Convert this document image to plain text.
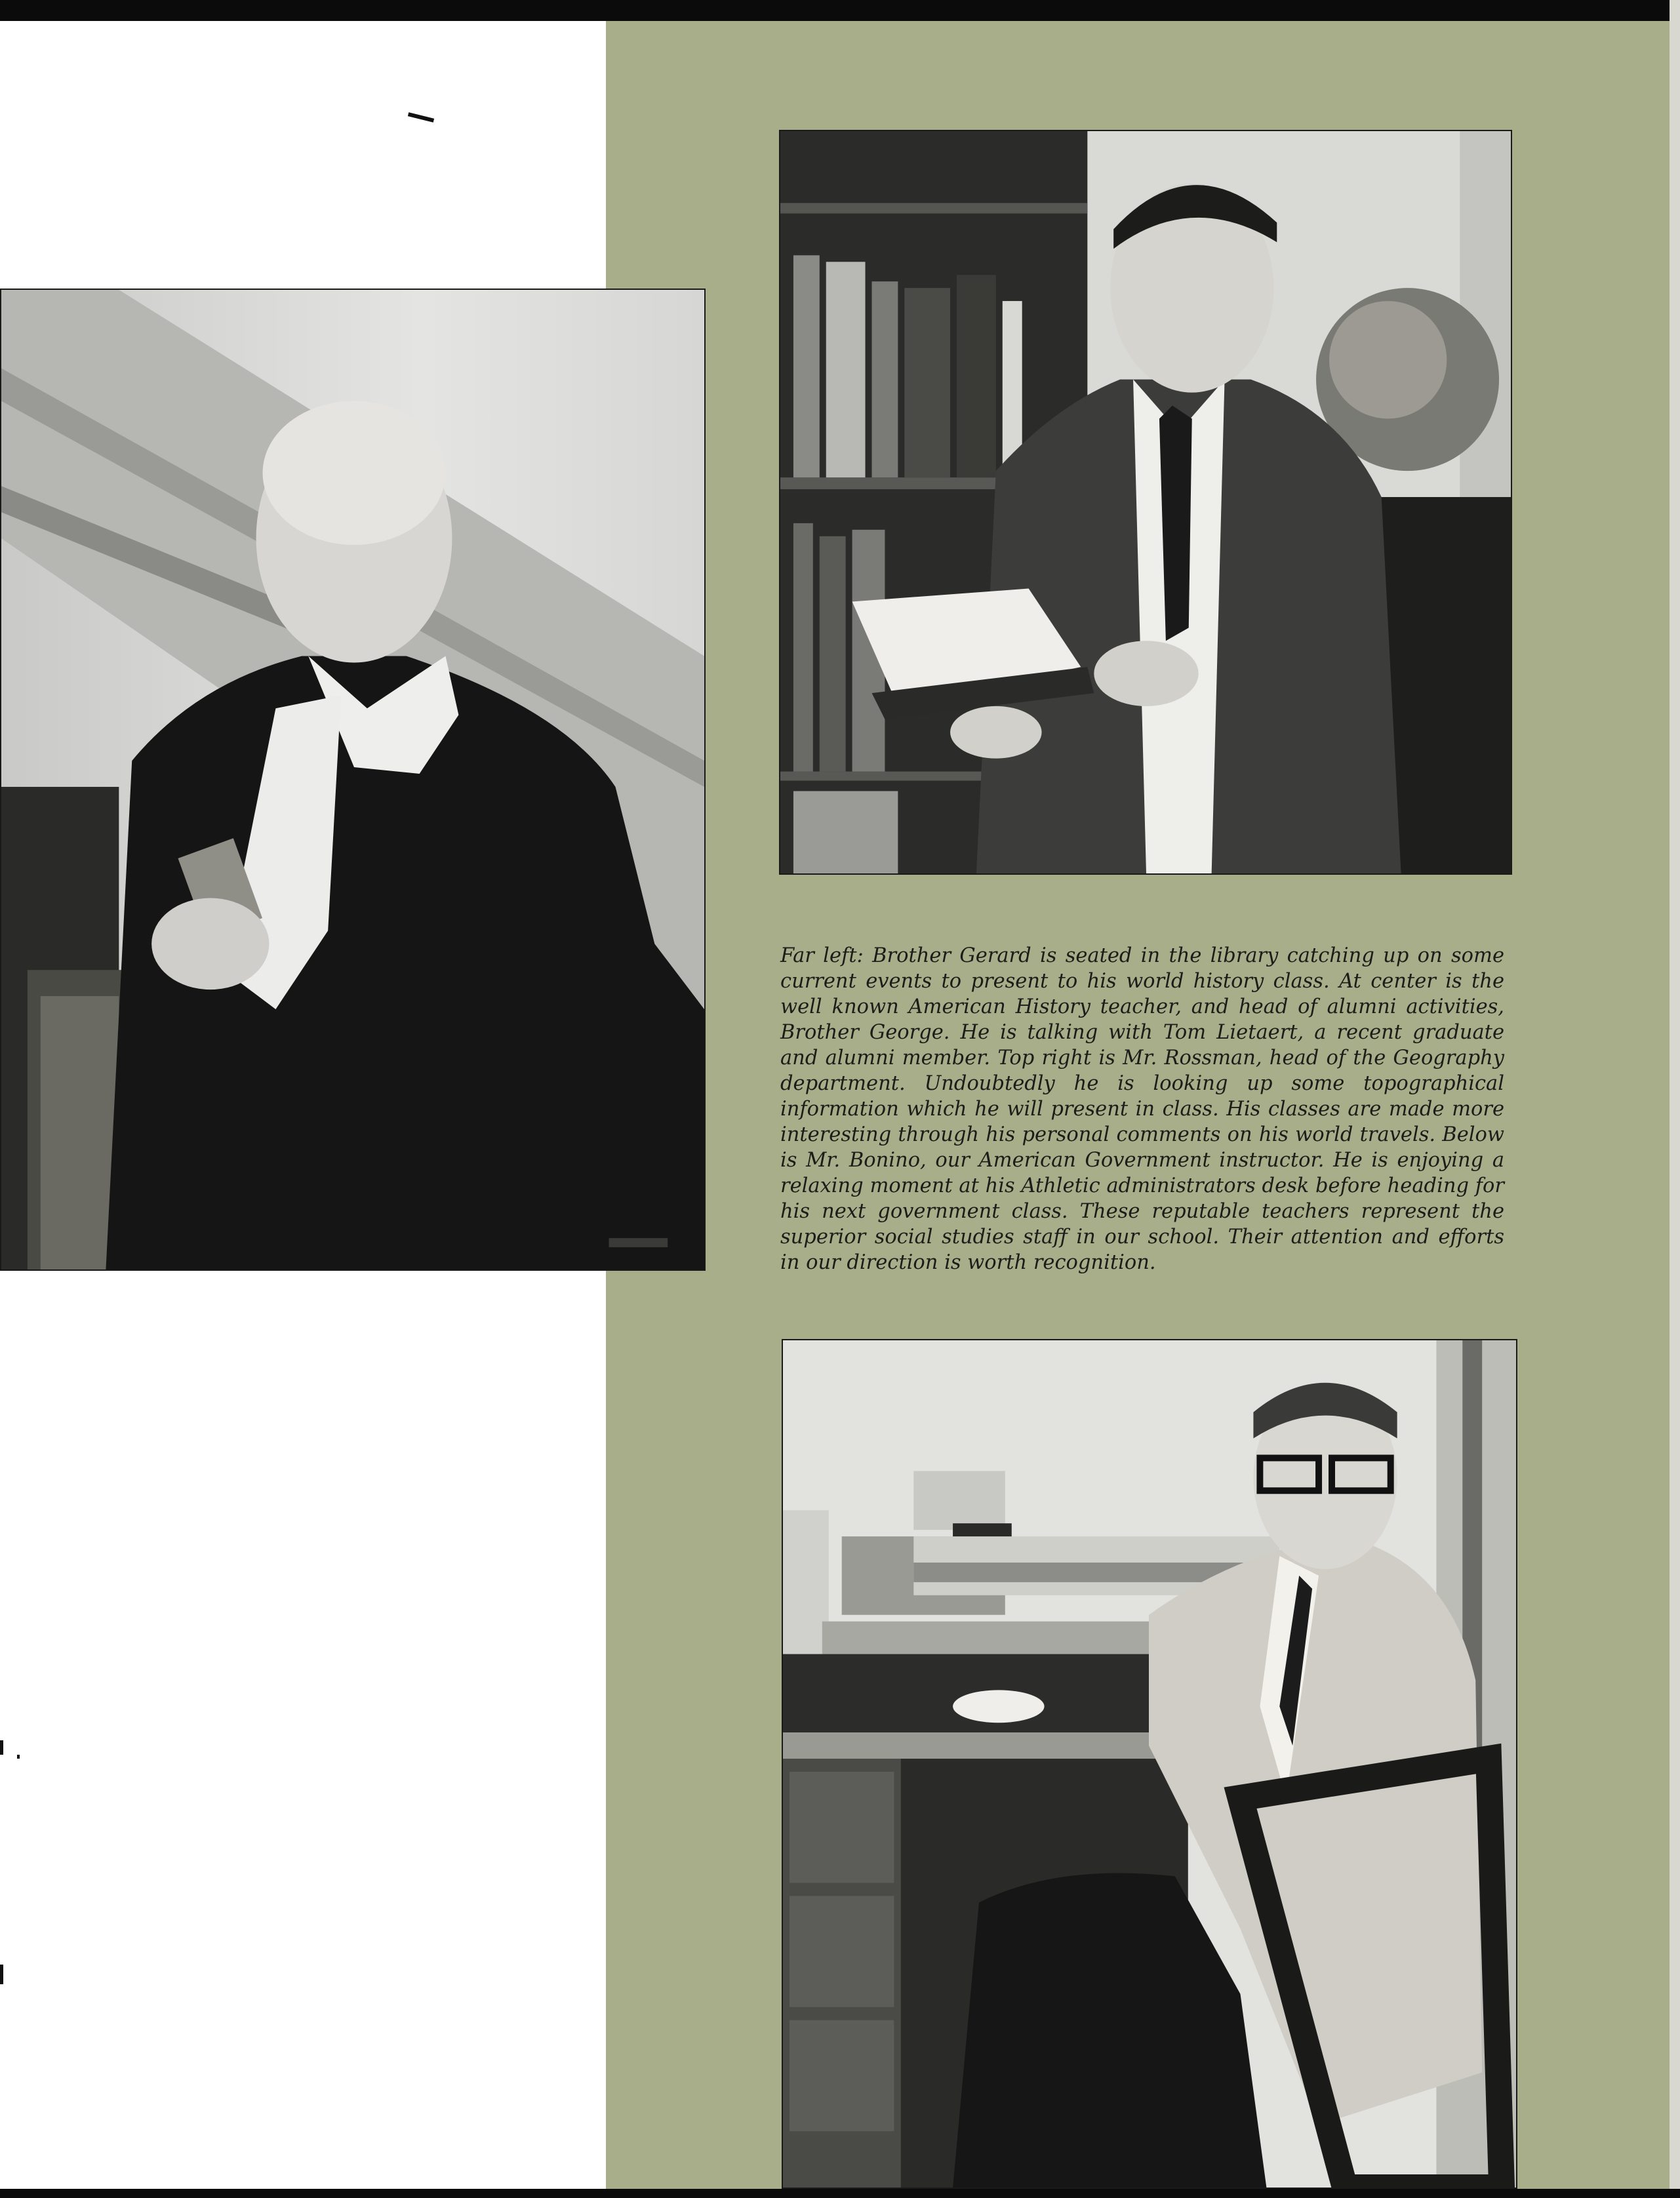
Far left: Brother Gerard is seated in the library catching up on some current events to present to his world history class. At center is the well known American History teacher, and head of alumni activities, Brother George. He is talking with Tom Lietaert, a recent graduate and alumni member. Top right is Mr. Rossman, head of the Geography department. Undoubtedly he is looking up some topographical information which he will present in class. His classes are made more interesting through his personal comments on his world travels. Below is Mr. Bonino, our American Government instructor. He is enjoying a relaxing moment at his Athletic administrators desk before heading for his next government class. These reputable teachers represent the superior social studies staff in our school. Their attention and efforts in our direction is worth recognition.
